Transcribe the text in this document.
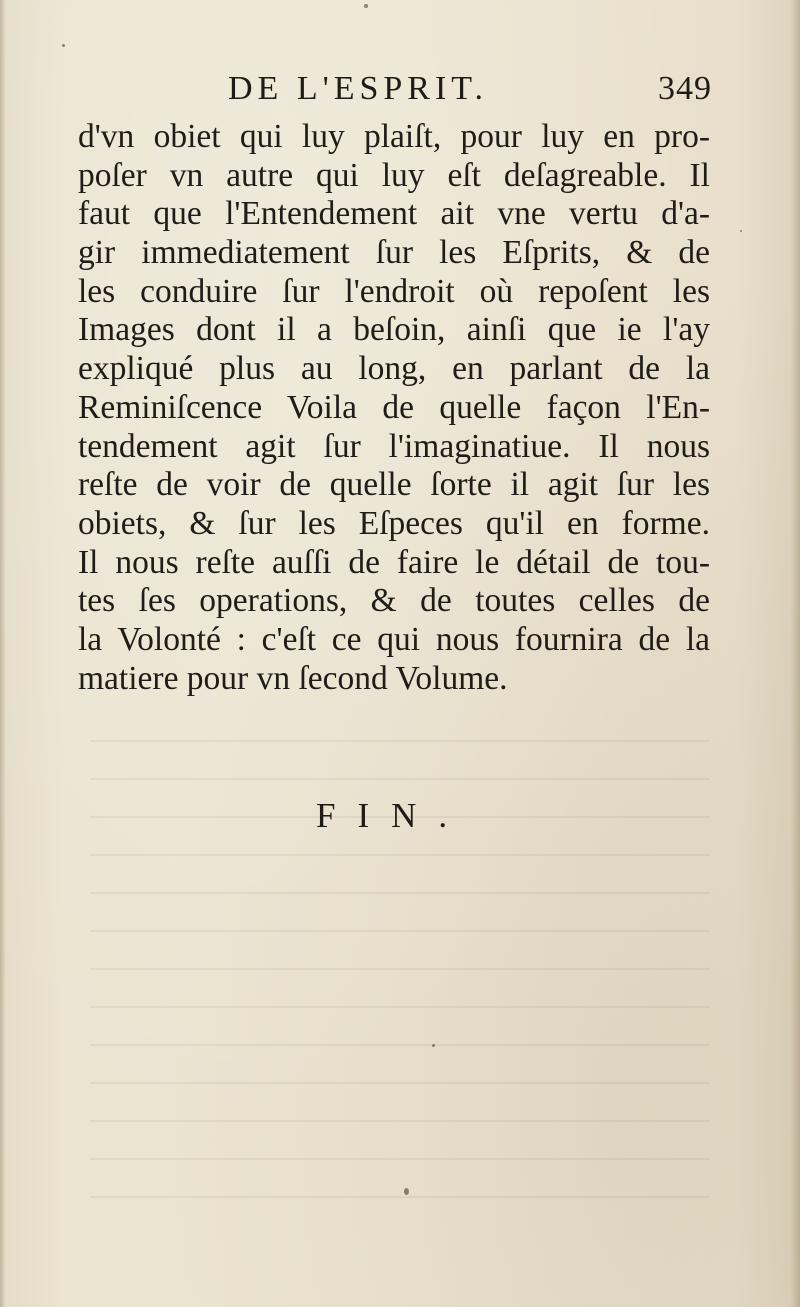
DE L'ESPRIT.	349
d'vn obiet qui luy plaiſt, pour luy en pro-
poſer vn autre qui luy eſt deſagreable. Il
faut que l'Entendement ait vne vertu d'a-
gir immediatement ſur les Eſprits, & de
les conduire ſur l'endroit où repoſent les
Images dont il a beſoin, ainſi que ie l'ay
expliqué plus au long, en parlant de la
Reminiſcence Voila de quelle façon l'En-
tendement agit ſur l'imaginatiue. Il nous
reſte de voir de quelle ſorte il agit ſur les
obiets, & ſur les Eſpeces qu'il en forme.
Il nous reſte auſſi de faire le détail de tou-
tes ſes operations, & de toutes celles de
la Volonté : c'eſt ce qui nous fournira de la
matiere pour vn ſecond Volume.
FIN.
